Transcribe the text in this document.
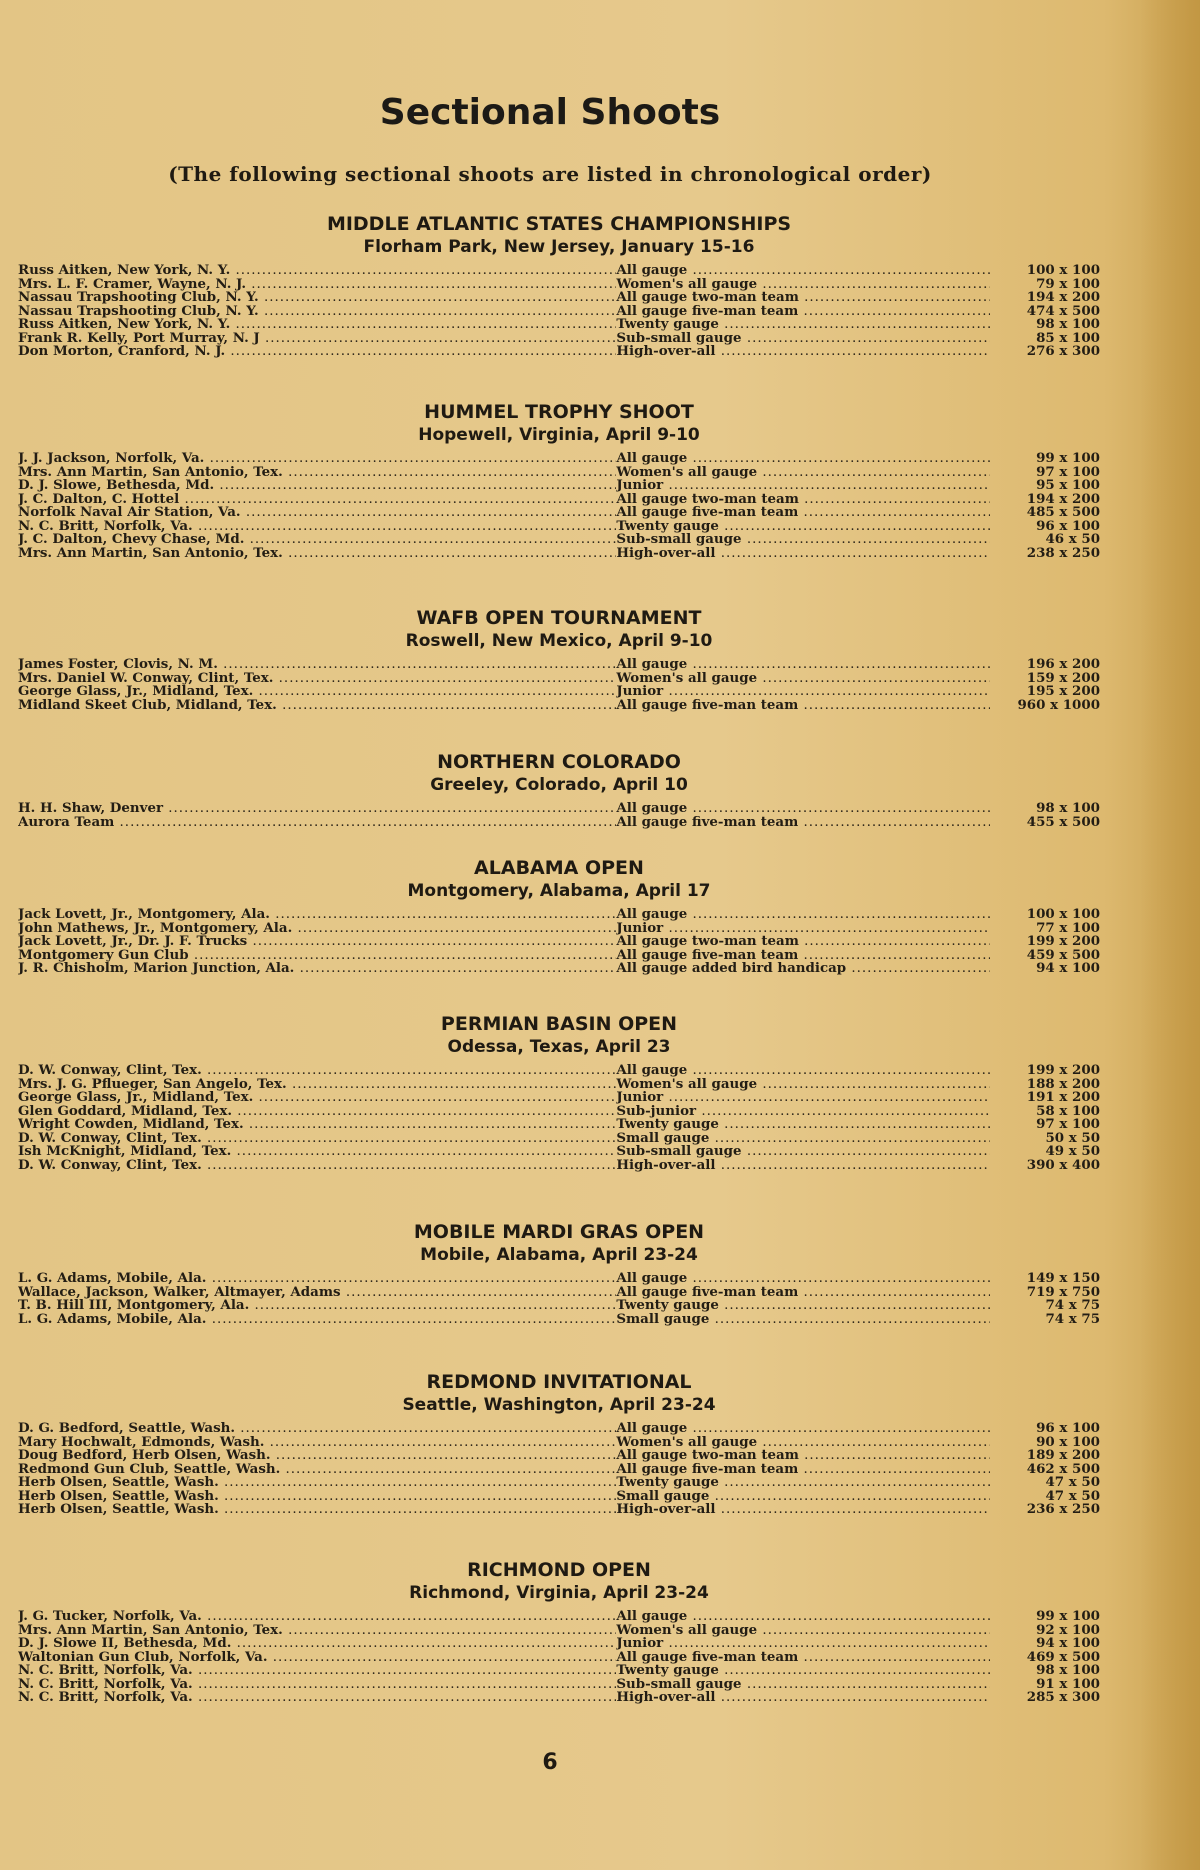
Sectional Shoots
(The following sectional shoots are listed in chronological order)
MIDDLE ATLANTIC STATES CHAMPIONSHIPS
Florham Park, New Jersey, January 15-16
Russ Aitken, New York, N. Y. .....	All gauge .....	100 x 100
Mrs. L. F. Cramer, Wayne, N. J. .....	Women's all gauge .....	79 x 100
Nassau Trapshooting Club, N. Y. .....	All gauge two-man team .....	194 x 200
Nassau Trapshooting Club, N. Y. .....	All gauge five-man team .....	474 x 500
Russ Aitken, New York, N. Y. .....	Twenty gauge .....	98 x 100
Frank R. Kelly, Port Murray, N. J .....	Sub-small gauge .....	85 x 100
Don Morton, Cranford, N. J. .....	High-over-all .....	276 x 300
HUMMEL TROPHY SHOOT
Hopewell, Virginia, April 9-10
J. J. Jackson, Norfolk, Va. .....	All gauge .....	99 x 100
Mrs. Ann Martin, San Antonio, Tex. .....	Women's all gauge .....	97 x 100
D. J. Slowe, Bethesda, Md. .....	Junior .....	95 x 100
J. C. Dalton, C. Hottel .....	All gauge two-man team .....	194 x 200
Norfolk Naval Air Station, Va. .....	All gauge five-man team .....	485 x 500
N. C. Britt, Norfolk, Va. .....	Twenty gauge .....	96 x 100
J. C. Dalton, Chevy Chase, Md. .....	Sub-small gauge .....	46 x 50
Mrs. Ann Martin, San Antonio, Tex. .....	High-over-all .....	238 x 250
WAFB OPEN TOURNAMENT
Roswell, New Mexico, April 9-10
James Foster, Clovis, N. M. .....	All gauge .....	196 x 200
Mrs. Daniel W. Conway, Clint, Tex. .....	Women's all gauge .....	159 x 200
George Glass, Jr., Midland, Tex. .....	Junior .....	195 x 200
Midland Skeet Club, Midland, Tex. .....	All gauge five-man team .....	960 x 1000
NORTHERN COLORADO
Greeley, Colorado, April 10
H. H. Shaw, Denver .....	All gauge .....	98 x 100
Aurora Team .....	All gauge five-man team .....	455 x 500
ALABAMA OPEN
Montgomery, Alabama, April 17
Jack Lovett, Jr., Montgomery, Ala. .....	All gauge .....	100 x 100
John Mathews, Jr., Montgomery, Ala. .....	Junior .....	77 x 100
Jack Lovett, Jr., Dr. J. F. Trucks .....	All gauge two-man team .....	199 x 200
Montgomery Gun Club .....	All gauge five-man team .....	459 x 500
J. R. Chisholm, Marion Junction, Ala. .....	All gauge added bird handicap .....	94 x 100
PERMIAN BASIN OPEN
Odessa, Texas, April 23
D. W. Conway, Clint, Tex. .....	All gauge .....	199 x 200
Mrs. J. G. Pflueger, San Angelo, Tex. .....	Women's all gauge .....	188 x 200
George Glass, Jr., Midland, Tex. .....	Junior .....	191 x 200
Glen Goddard, Midland, Tex. .....	Sub-junior .....	58 x 100
Wright Cowden, Midland, Tex. .....	Twenty gauge .....	97 x 100
D. W. Conway, Clint, Tex. .....	Small gauge .....	50 x 50
Ish McKnight, Midland, Tex. .....	Sub-small gauge .....	49 x 50
D. W. Conway, Clint, Tex. .....	High-over-all .....	390 x 400
MOBILE MARDI GRAS OPEN
Mobile, Alabama, April 23-24
L. G. Adams, Mobile, Ala. .....	All gauge .....	149 x 150
Wallace, Jackson, Walker, Altmayer, Adams .....	All gauge five-man team .....	719 x 750
T. B. Hill III, Montgomery, Ala. .....	Twenty gauge .....	74 x 75
L. G. Adams, Mobile, Ala. .....	Small gauge .....	74 x 75
REDMOND INVITATIONAL
Seattle, Washington, April 23-24
D. G. Bedford, Seattle, Wash. .....	All gauge .....	96 x 100
Mary Hochwalt, Edmonds, Wash. .....	Women's all gauge .....	90 x 100
Doug Bedford, Herb Olsen, Wash. .....	All gauge two-man team .....	189 x 200
Redmond Gun Club, Seattle, Wash. .....	All gauge five-man team .....	462 x 500
Herb Olsen, Seattle, Wash. .....	Twenty gauge .....	47 x 50
Herb Olsen, Seattle, Wash. .....	Small gauge .....	47 x 50
Herb Olsen, Seattle, Wash. .....	High-over-all .....	236 x 250
RICHMOND OPEN
Richmond, Virginia, April 23-24
J. G. Tucker, Norfolk, Va. .....	All gauge .....	99 x 100
Mrs. Ann Martin, San Antonio, Tex. .....	Women's all gauge .....	92 x 100
D. J. Slowe II, Bethesda, Md. .....	Junior .....	94 x 100
Waltonian Gun Club, Norfolk, Va. .....	All gauge five-man team .....	469 x 500
N. C. Britt, Norfolk, Va. .....	Twenty gauge .....	98 x 100
N. C. Britt, Norfolk, Va. .....	Sub-small gauge .....	91 x 100
N. C. Britt, Norfolk, Va. .....	High-over-all .....	285 x 300
6
